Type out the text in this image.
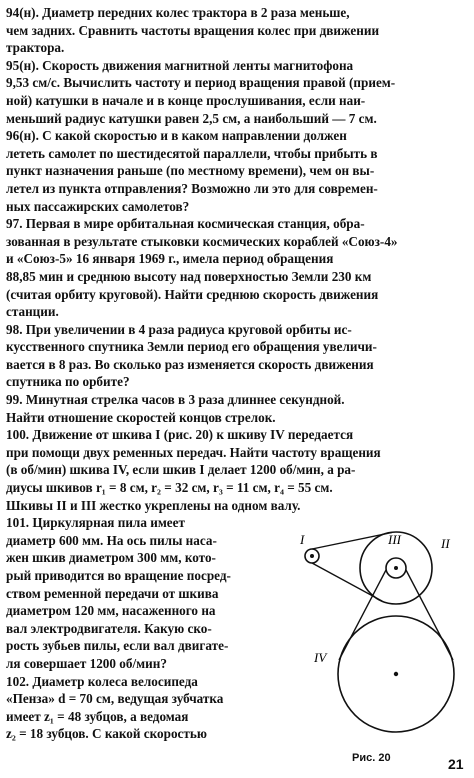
94(н). Диаметр передних колес трактора в 2 раза меньше,
чем задних. Сравнить частоты вращения колес при движении
трактора.
95(н). Скорость движения магнитной ленты магнитофона
9,53 см/с. Вычислить частоту и период вращения правой (прием-
ной) катушки в начале и в конце прослушивания, если наи-
меньший радиус катушки равен 2,5 см, а наибольший — 7 см.
96(н). С какой скоростью и в каком направлении должен
лететь самолет по шестидесятой параллели, чтобы прибыть в
пункт назначения раньше (по местному времени), чем он вы-
летел из пункта отправления? Возможно ли это для современ-
ных пассажирских самолетов?
97. Первая в мире орбитальная космическая станция, обра-
зованная в результате стыковки космических кораблей «Союз-4»
и «Союз-5» 16 января 1969 г., имела период обращения
88,85 мин и среднюю высоту над поверхностью Земли 230 км
(считая орбиту круговой). Найти среднюю скорость движения
станции.
98. При увеличении в 4 раза радиуса круговой орбиты ис-
кусственного спутника Земли период его обращения увеличи-
вается в 8 раз. Во сколько раз изменяется скорость движения
спутника по орбите?
99. Минутная стрелка часов в 3 раза длиннее секундной.
Найти отношение скоростей концов стрелок.
100. Движение от шкива I (рис. 20) к шкиву IV передается
при помощи двух ременных передач. Найти частоту вращения
(в об/мин) шкива IV, если шкив I делает 1200 об/мин, а ра-
диусы шкивов r₁ = 8 см, r₂ = 32 см, r₃ = 11 см, r₄ = 55 см.
Шкивы II и III жестко укреплены на одном валу.
101. Циркулярная пила имеет
диаметр 600 мм. На ось пилы наса-
жен шкив диаметром 300 мм, кото-
рый приводится во вращение посред-
ством ременной передачи от шкива
диаметром 120 мм, насаженного на
вал электродвигателя. Какую ско-
рость зубьев пилы, если вал двигате-
ля совершает 1200 об/мин?
102. Диаметр колеса велосипеда
«Пенза» d = 70 см, ведущая зубчатка
имеет z₁ = 48 зубцов, а ведомая
z₂ = 18 зубцов. С какой скоростью
I	III	II
IV
Рис. 20	21
